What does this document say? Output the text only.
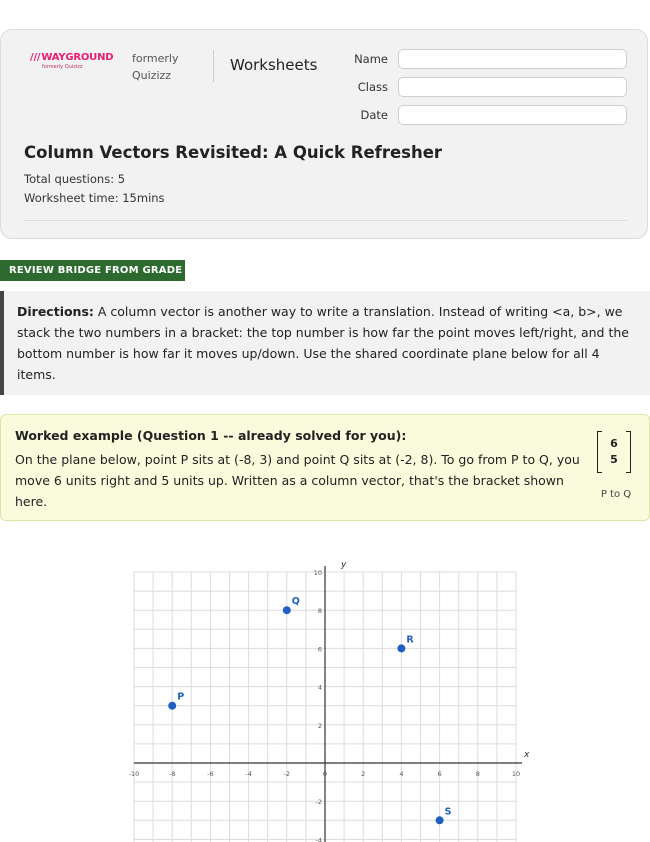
///WAYGROUND
formerly Quizizz
formerly
Quizizz
Worksheets	Name
Class
Date
Column Vectors Revisited: A Quick Refresher
Total questions: 5
Worksheet time: 15mins
REVIEW BRIDGE FROM GRADE
Directions: A column vector is another way to write a translation. Instead of writing <a, b>, we stack the two numbers in a bracket: the top number is how far the point moves left/right, and the bottom number is how far it moves up/down. Use the shared coordinate plane below for all 4 items.
Worked example (Question 1 -- already solved for you):
On the plane below, point P sits at (-8, 3) and point Q sits at (-2, 8). To go from P to Q, you move 6 units right and 5 units up. Written as a column vector, that's the bracket shown here.
6
5
P to Q
x
y
-10	-8	-6	-4	-2	0	2	4	6	8	10
10
8
6
4
2
-2
-4
P
Q
R
S
